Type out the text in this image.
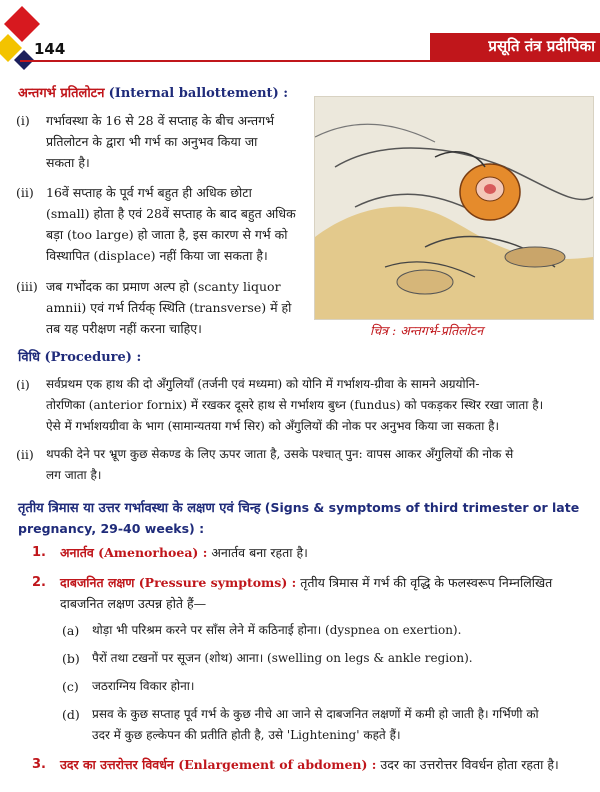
144	प्रसूति तंत्र प्रदीपिका
अन्तगर्भ प्रतिलोटन (Internal ballottement) :
(i) गर्भावस्था के 16 से 28 वें सप्ताह के बीच अन्तगर्भ
प्रतिलोटन के द्वारा भी गर्भ का अनुभव किया जा
सकता है।
(ii) 16वें सप्ताह के पूर्व गर्भ बहुत ही अधिक छोटा
(small) होता है एवं 28वें सप्ताह के बाद बहुत अधिक
बड़ा (too large) हो जाता है, इस कारण से गर्भ को
विस्थापित (displace) नहीं किया जा सकता है।
(iii) जब गर्भोदक का प्रमाण अल्प हो (scanty liquor
amnii) एवं गर्भ तिर्यक् स्थिति (transverse) में हो
तब यह परीक्षण नहीं करना चाहिए।	चित्र : अन्तगर्भ-प्रतिलोटन
विधि (Procedure) :
(i) सर्वप्रथम एक हाथ की दो अँगुलियाँ (तर्जनी एवं मध्यमा) को योनि में गर्भाशय-ग्रीवा के सामने अग्रयोनि-
तोरणिका (anterior fornix) में रखकर दूसरे हाथ से गर्भाशय बुध्न (fundus) को पकड़कर स्थिर रखा जाता है।
ऐसे में गर्भाशयग्रीवा के भाग (सामान्यतया गर्भ सिर) को अँगुलियों की नोक पर अनुभव किया जा सकता है।
(ii) थपकी देने पर भ्रूण कुछ सेकण्ड के लिए ऊपर जाता है, उसके पश्चात् पुन: वापस आकर अँगुलियों की नोक से
लग जाता है।
तृतीय त्रिमास या उत्तर गर्भावस्था के लक्षण एवं चिन्ह (Signs & symptoms of third trimester or late
pregnancy, 29-40 weeks) :
1. अनार्तव (Amenorhoea) : अनार्तव बना रहता है।
2. दाबजनित लक्षण (Pressure symptoms) : तृतीय त्रिमास में गर्भ की वृद्धि के फलस्वरूप निम्नलिखित
दाबजनित लक्षण उत्पन्न होते हैं—
(a) थोड़ा भी परिश्रम करने पर साँस लेने में कठिनाई होना। (dyspnea on exertion).
(b) पैरों तथा टखनों पर सूजन (शोथ) आना। (swelling on legs & ankle region).
(c) जठराग्निय विकार होना।
(d) प्रसव के कुछ सप्ताह पूर्व गर्भ के कुछ नीचे आ जाने से दाबजनित लक्षणों में कमी हो जाती है। गर्भिणी को
उदर में कुछ हल्केपन की प्रतीति होती है, उसे 'Lightening' कहते हैं।
3. उदर का उत्तरोत्तर विवर्धन (Enlargement of abdomen) : उदर का उत्तरोत्तर विवर्धन होता रहता है।
